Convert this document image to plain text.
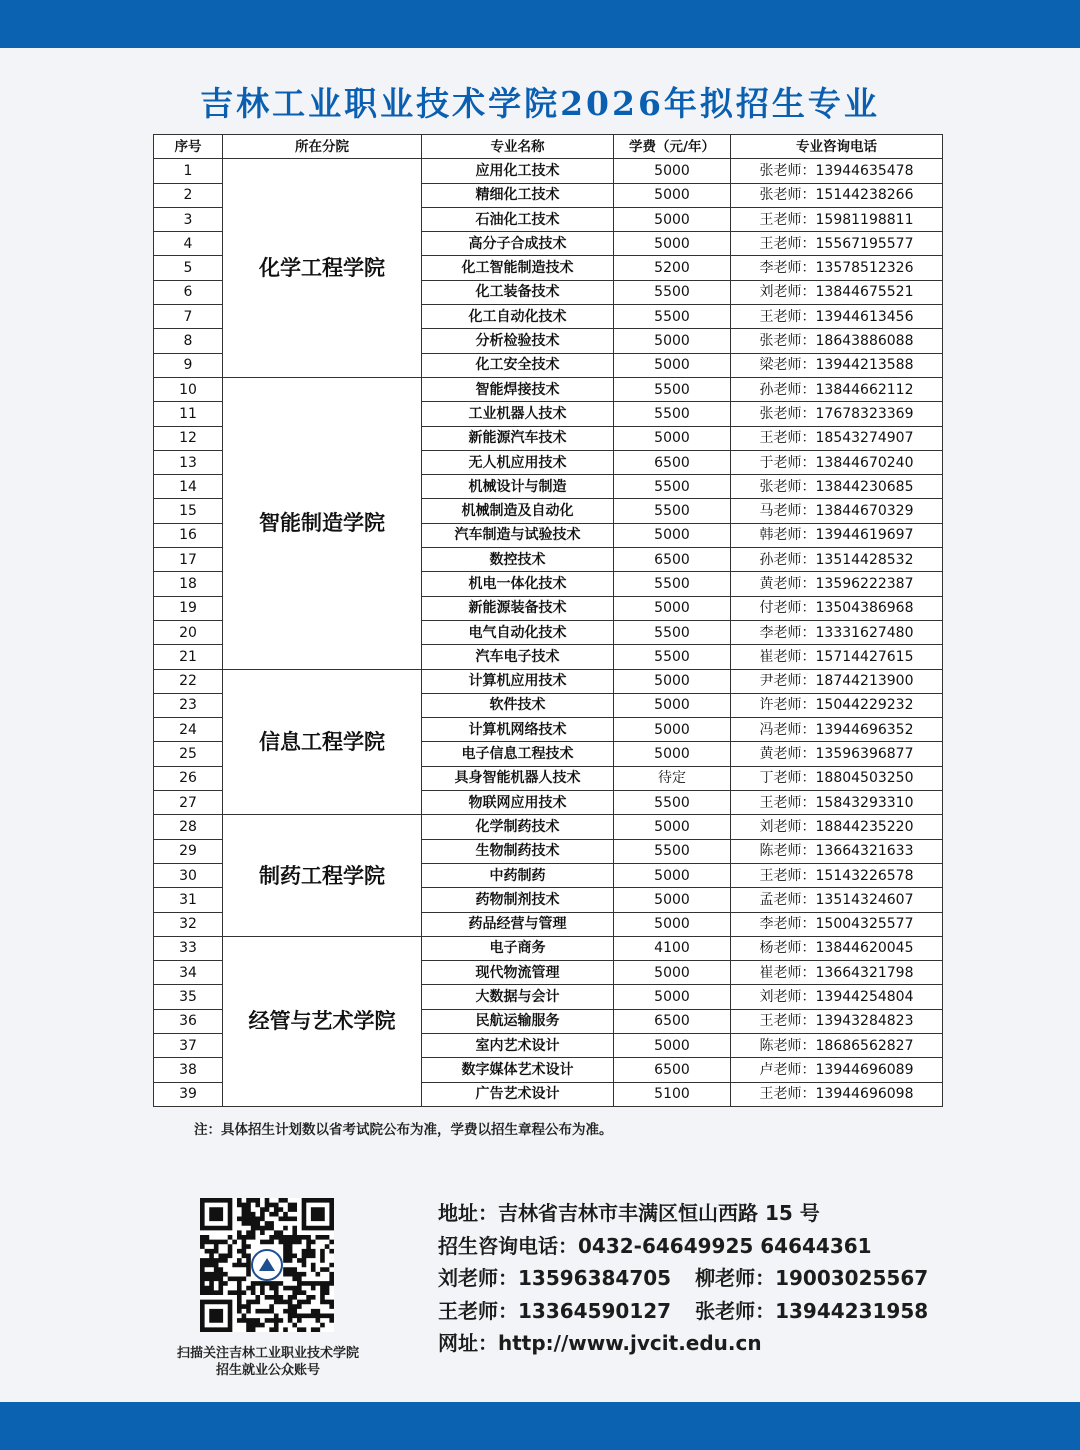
吉林工业职业技术学院2026年拟招生专业
序号	所在分院	专业名称	学费（元/年）	专业咨询电话
1	化学工程学院	应用化工技术	5000	张老师：13944635478
2		精细化工技术	5000	张老师：15144238266
3		石油化工技术	5000	王老师：15981198811
4		高分子合成技术	5000	王老师：15567195577
5		化工智能制造技术	5200	李老师：13578512326
6		化工装备技术	5500	刘老师：13844675521
7		化工自动化技术	5500	王老师：13944613456
8		分析检验技术	5000	张老师：18643886088
9		化工安全技术	5000	梁老师：13944213588
10	智能制造学院	智能焊接技术	5500	孙老师：13844662112
11		工业机器人技术	5500	张老师：17678323369
12		新能源汽车技术	5000	王老师：18543274907
13		无人机应用技术	6500	于老师：13844670240
14		机械设计与制造	5500	张老师：13844230685
15		机械制造及自动化	5500	马老师：13844670329
16		汽车制造与试验技术	5000	韩老师：13944619697
17		数控技术	6500	孙老师：13514428532
18		机电一体化技术	5500	黄老师：13596222387
19		新能源装备技术	5000	付老师：13504386968
20		电气自动化技术	5500	李老师：13331627480
21		汽车电子技术	5500	崔老师：15714427615
22	信息工程学院	计算机应用技术	5000	尹老师：18744213900
23		软件技术	5000	许老师：15044229232
24		计算机网络技术	5000	冯老师：13944696352
25		电子信息工程技术	5000	黄老师：13596396877
26		具身智能机器人技术	待定	丁老师：18804503250
27		物联网应用技术	5500	王老师：15843293310
28	制药工程学院	化学制药技术	5000	刘老师：18844235220
29		生物制药技术	5500	陈老师：13664321633
30		中药制药	5000	王老师：15143226578
31		药物制剂技术	5000	孟老师：13514324607
32		药品经营与管理	5000	李老师：15004325577
33	经管与艺术学院	电子商务	4100	杨老师：13844620045
34		现代物流管理	5000	崔老师：13664321798
35		大数据与会计	5000	刘老师：13944254804
36		民航运输服务	6500	王老师：13943284823
37		室内艺术设计	5000	陈老师：18686562827
38		数字媒体艺术设计	6500	卢老师：13944696089
39		广告艺术设计	5100	王老师：13944696098
注：具体招生计划数以省考试院公布为准，学费以招生章程公布为准。
扫描关注吉林工业职业技术学院
招生就业公众账号
地址：吉林省吉林市丰满区恒山西路 15 号
招生咨询电话：0432-64649925 64644361
刘老师：13596384705 柳老师：19003025567
王老师：13364590127 张老师：13944231958
网址：http://www.jvcit.edu.cn
